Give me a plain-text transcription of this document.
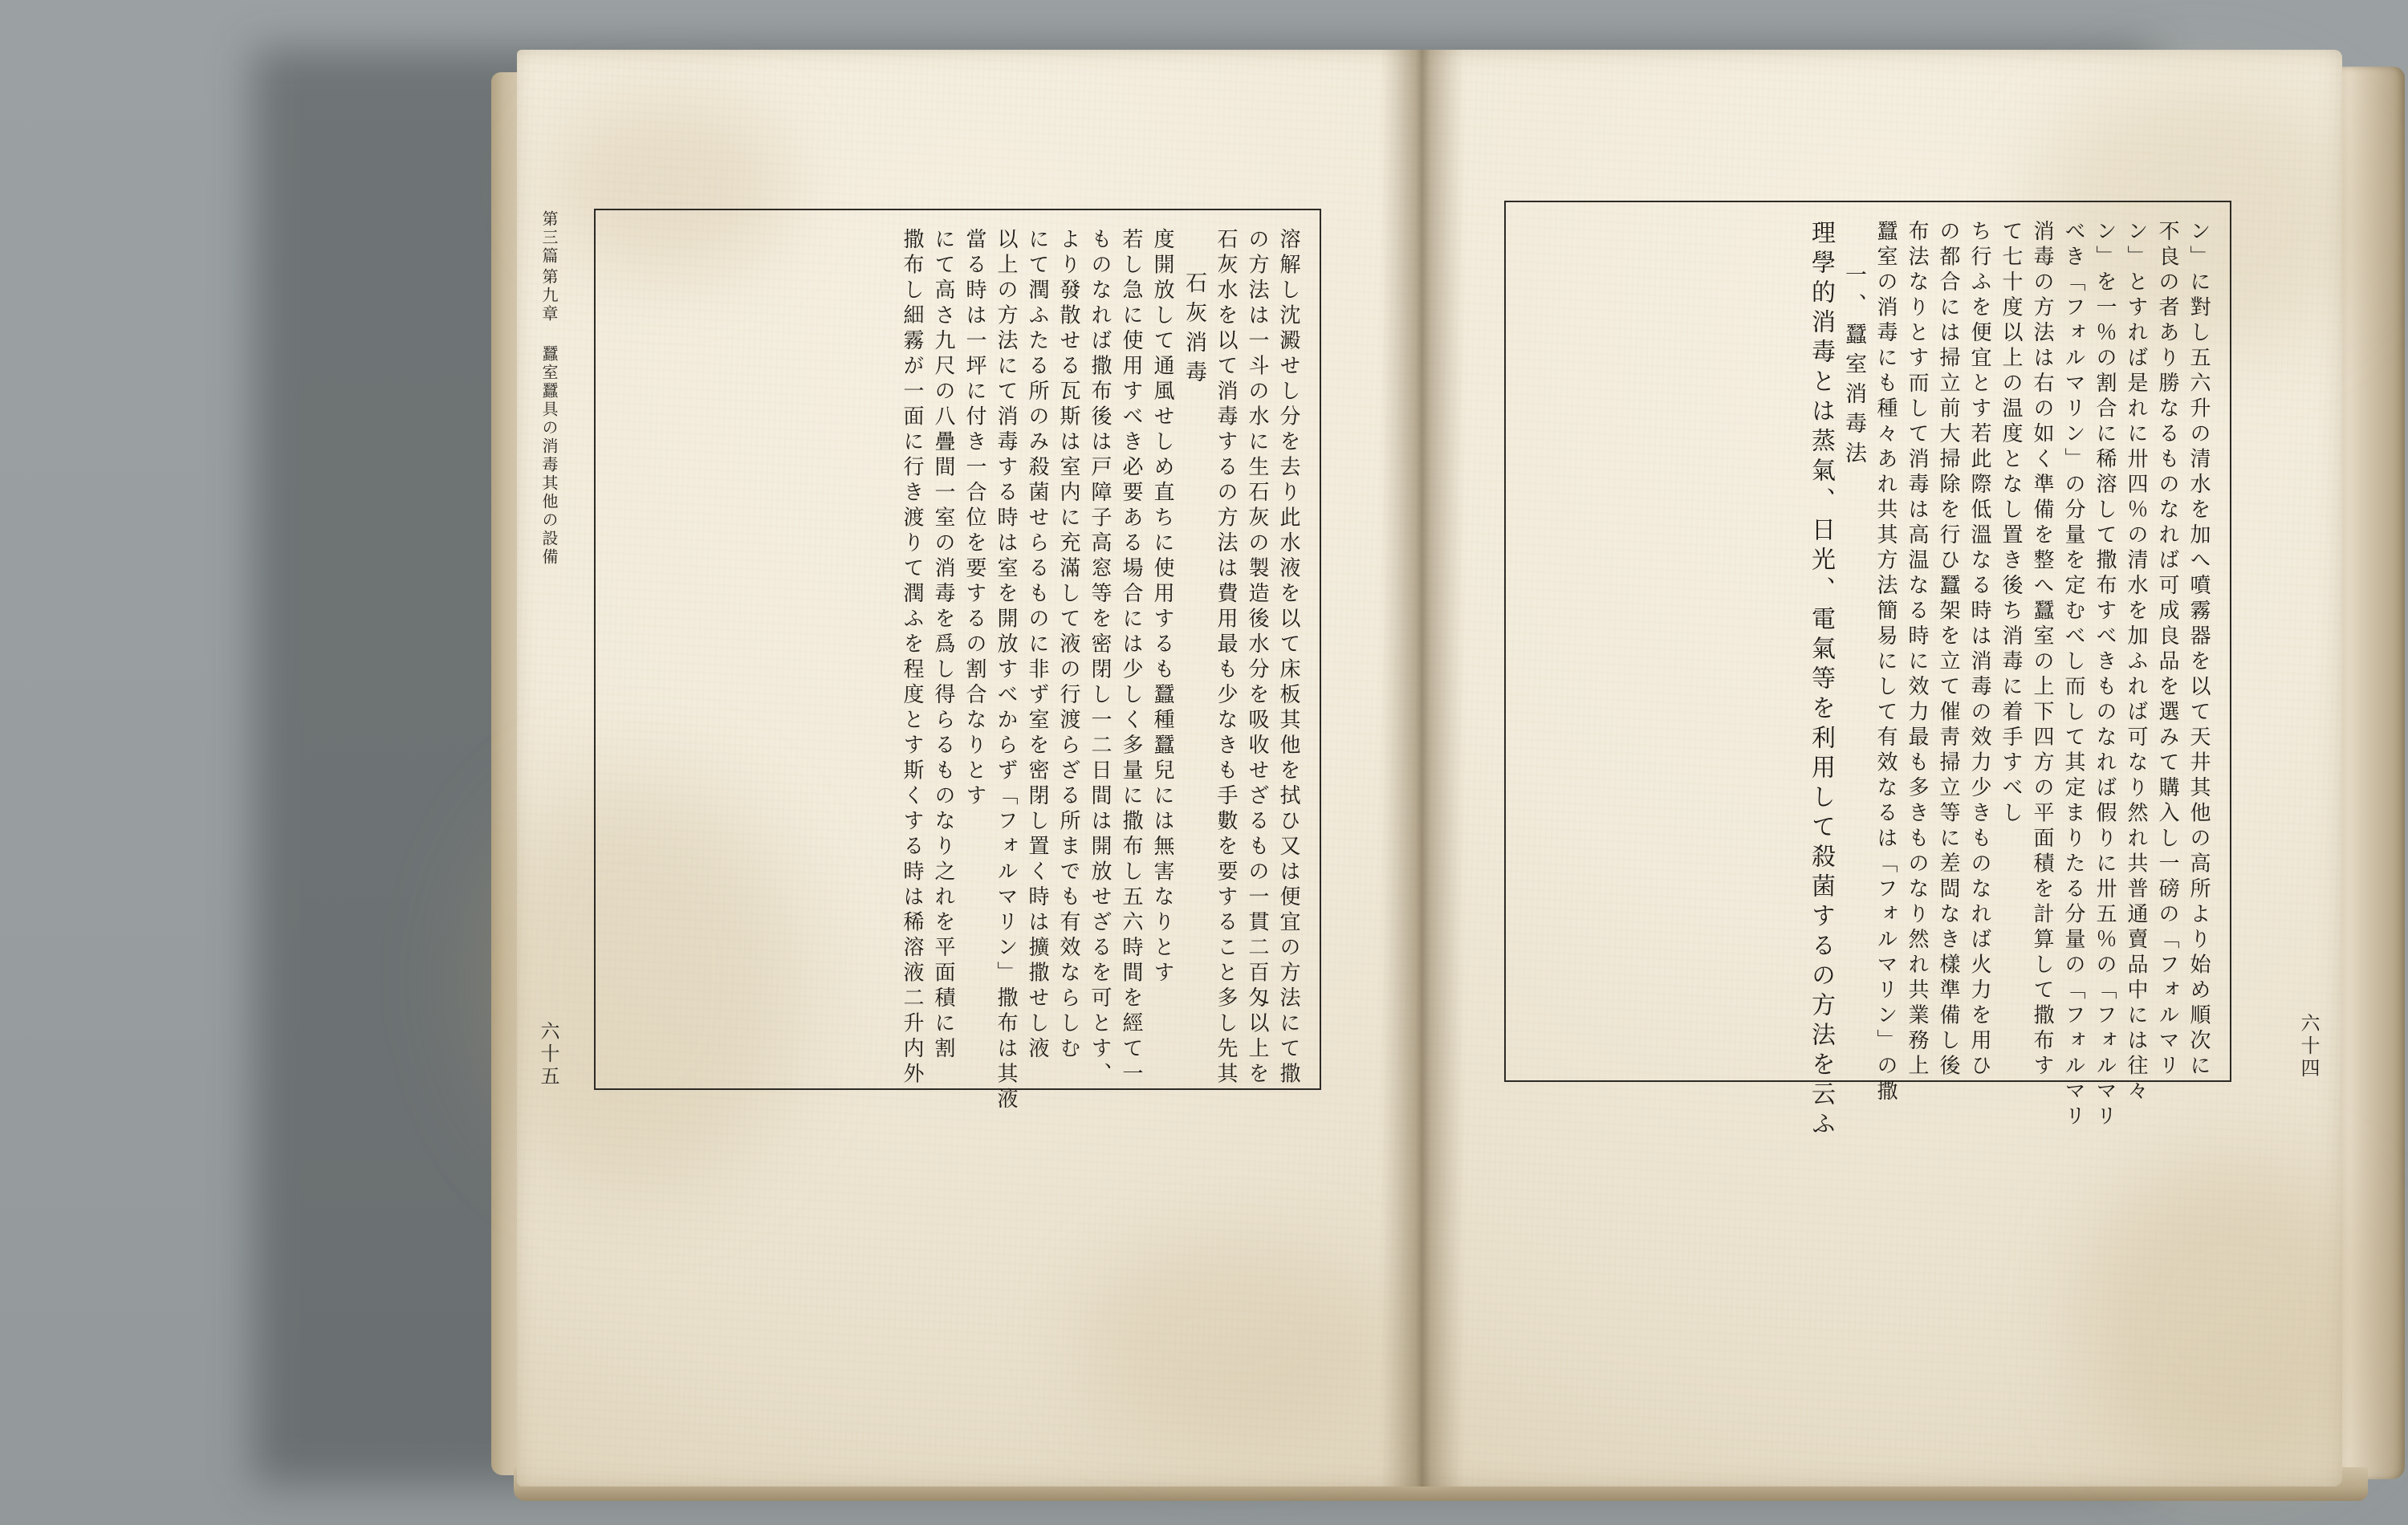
第三篇
第九章
蠶室蠶具の消毒其他の設備
六十五	六十四
理學的消毒とは蒸氣、日光、電氣等を利用して殺菌するの方法を云ふ 一、蠶室消毒法 蠶室の消毒にも種々あれ共其方法簡易にして有效なるは「フォルマリン」の撒 布法なりとす而して消毒は高温なる時に效力最も多きものなり然れ共業務上 の都合には掃立前大掃除を行ひ蠶架を立て催靑掃立等に差閊なき樣準備し後 ち行ふを便宜とす若此際低溫なる時は消毒の效力少きものなれば火力を用ひ て七十度以上の温度となし置き後ち消毒に着手すべし 消毒の方法は右の如く準備を整へ蠶室の上下四方の平面積を計算して撒布す べき「フォルマリン」の分量を定むべし而して其定まりたる分量の「フォルマリ ン」を一％の割合に稀溶して撒布すべきものなれば假りに卅五％の「フォルマリ ン」とすれば是れに卅四％の清水を加ふれば可なり然れ共普通賣品中には往々 不良の者あり勝なるものなれば可成良品を選みて購入し一磅の「フォルマリ ン」に對し五六升の清水を加へ噴霧器を以て天井其他の高所より始め順次に
撒布し細霧が一面に行き渡りて潤ふを程度とす斯くする時は稀溶液二升内外 にて高さ九尺の八疊間一室の消毒を爲し得らるものなり之れを平面積に割 當る時は一坪に付き一合位を要するの割合なりとす 以上の方法にて消毒する時は室を開放すべからず「フォルマリン」撒布は其液 にて潤ふたる所のみ殺菌せらるものに非ず室を密閉し置く時は擴撒せし液 より發散せる瓦斯は室内に充滿して液の行渡らざる所までも有效ならしむ ものなれば撒布後は戸障子高窓等を密閉し一二日間は開放せざるを可とす、 若し急に使用すべき必要ある場合には少しく多量に撒布し五六時間を經て一 度開放して通風せしめ直ちに使用するも蠶種蠶兒には無害なりとす 石灰消毒 石灰水を以て消毒するの方法は費用最も少なきも手數を要すること多し先其 の方法は一斗の水に生石灰の製造後水分を吸收せざるもの一貫二百匁以上を 溶解し沈澱せし分を去り此水液を以て床板其他を拭ひ又は便宜の方法にて撒
